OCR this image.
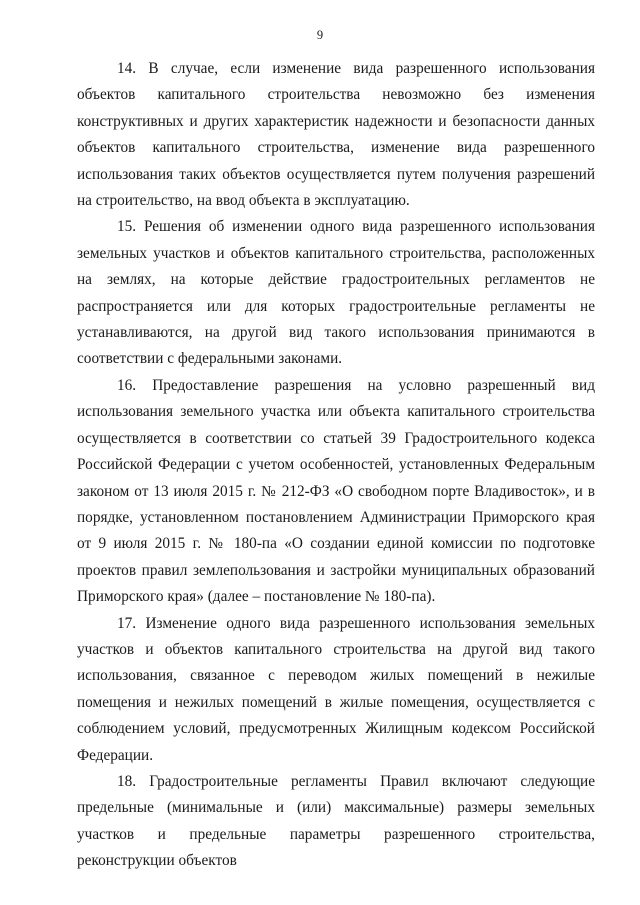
9

14. В случае, если изменение вида разрешенного использования объектов капитального строительства невозможно без изменения конструктивных и других характеристик надежности и безопасности данных объектов капитального строительства, изменение вида разрешенного использования таких объектов осуществляется путем получения разрешений на строительство, на ввод объекта в эксплуатацию.

15. Решения об изменении одного вида разрешенного использования земельных участков и объектов капитального строительства, расположенных на землях, на которые действие градостроительных регламентов не распространяется или для которых градостроительные регламенты не устанавливаются, на другой вид такого использования принимаются в соответствии с федеральными законами.

16. Предоставление разрешения на условно разрешенный вид использования земельного участка или объекта капитального строительства осуществляется в соответствии со статьей 39 Градостроительного кодекса Российской Федерации с учетом особенностей, установленных Федеральным законом от 13 июля 2015 г. № 212-ФЗ «О свободном порте Владивосток», и в порядке, установленном постановлением Администрации Приморского края от 9 июля 2015 г. № 180-па «О создании единой комиссии по подготовке проектов правил землепользования и застройки муниципальных образований Приморского края» (далее – постановление № 180-па).

17. Изменение одного вида разрешенного использования земельных участков и объектов капитального строительства на другой вид такого использования, связанное с переводом жилых помещений в нежилые помещения и нежилых помещений в жилые помещения, осуществляется с соблюдением условий, предусмотренных Жилищным кодексом Российской Федерации.

18. Градостроительные регламенты Правил включают следующие предельные (минимальные и (или) максимальные) размеры земельных участков и предельные параметры разрешенного строительства, реконструкции объектов
